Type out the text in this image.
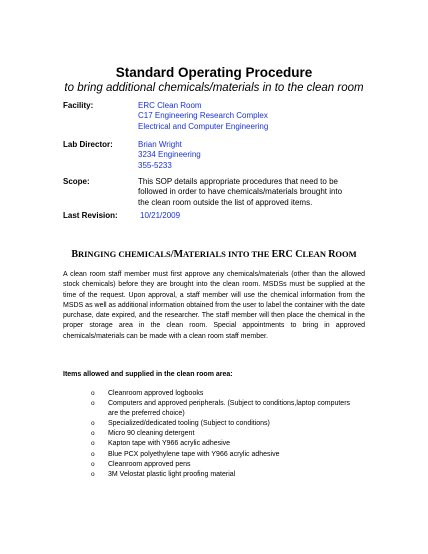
Standard Operating Procedure
to bring additional chemicals/materials in to the clean room
Facility:	ERC Clean Room
C17 Engineering Research Complex
Electrical and Computer Engineering
Lab Director:	Brian Wright
3234 Engineering
355-5233
Scope:	This SOP details appropriate procedures that need to be
followed in order to have chemicals/materials brought into
the clean room outside the list of approved items.
Last Revision:	10/21/2009
BRINGING CHEMICALS/MATERIALS INTO THE ERC CLEAN ROOM
A clean room staff member must first approve any chemicals/materials (other than the allowed stock chemicals) before they are brought into the clean room. MSDSs must be supplied at the time of the request. Upon approval, a staff member will use the chemical information from the MSDS as well as additional information obtained from the user to label the container with the date purchase, date expired, and the researcher. The staff member will then place the chemical in the proper storage area in the clean room. Special appointments to bring in approved chemicals/materials can be made with a clean room staff member.
Items allowed and supplied in the clean room area:
o Cleanroom approved logbooks
o Computers and approved peripherals. (Subject to conditions,laptop computers are the preferred choice)
o Specialized/dedicated tooling (Subject to conditions)
o Micro 90 cleaning detergent
o Kapton tape with Y966 acrylic adhesive
o Blue PCX polyethylene tape with Y966 acrylic adhesive
o Cleanroom approved pens
o 3M Velostat plastic light proofing material
